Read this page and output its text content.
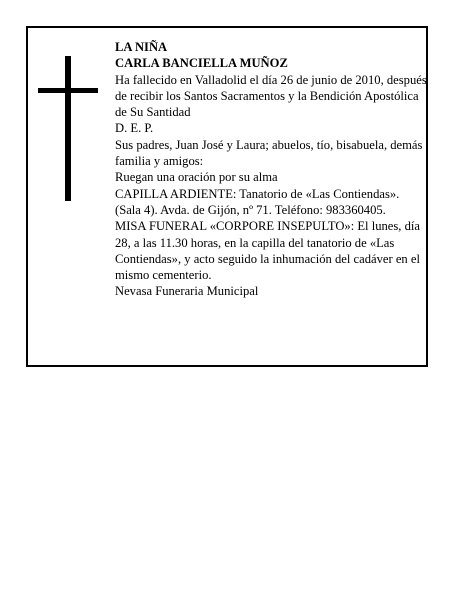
LA NIÑA
CARLA BANCIELLA MUÑOZ
Ha fallecido en Valladolid el día 26 de junio de 2010, después de recibir los Santos Sacramentos y la Bendición Apostólica de Su Santidad
D. E. P.
Sus padres, Juan José y Laura; abuelos, tío, bisabuela, demás familia y amigos:
Ruegan una oración por su alma
CAPILLA ARDIENTE: Tanatorio de «Las Contiendas». (Sala 4). Avda. de Gijón, nº 71. Teléfono: 983360405.
MISA FUNERAL «CORPORE INSEPULTO»: El lunes, día 28, a las 11.30 horas, en la capilla del tanatorio de «Las Contiendas», y acto seguido la inhumación del cadáver en el mismo cementerio.
Nevasa Funeraria Municipal
